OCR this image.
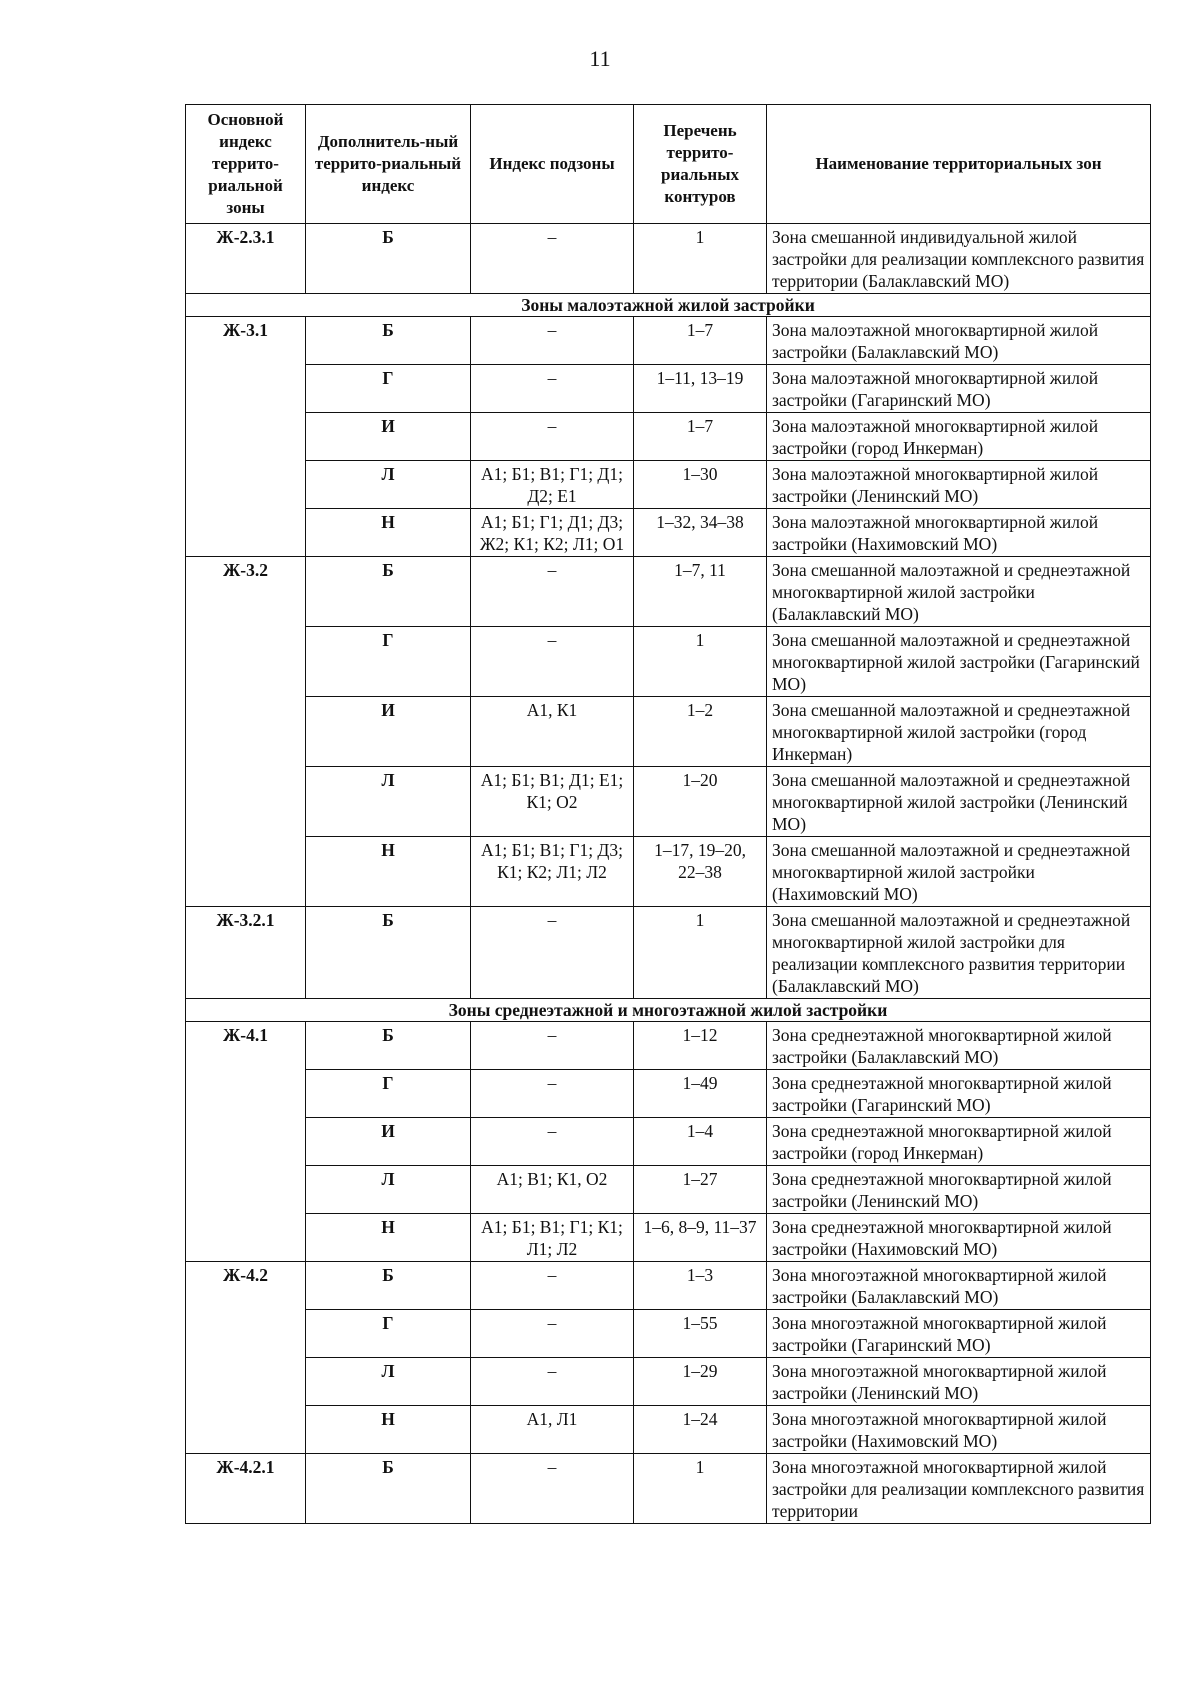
11
Основной индекс террито-риальной зоны	Дополнитель-ный террито-риальный индекс	Индекс подзоны	Перечень террито-риальных контуров	Наименование территориальных зон
Ж-2.3.1	Б	–	1	Зона смешанной индивидуальной жилой застройки для реализации комплексного развития территории (Балаклавский МО)
Зоны малоэтажной жилой застройки				
Ж-3.1	Б	–	1–7	Зона малоэтажной многоквартирной жилой застройки (Балаклавский МО)
	Г	–	1–11, 13–19	Зона малоэтажной многоквартирной жилой застройки (Гагаринский МО)
	И	–	1–7	Зона малоэтажной многоквартирной жилой застройки (город Инкерман)
	Л	А1; Б1; В1; Г1; Д1; Д2; Е1	1–30	Зона малоэтажной многоквартирной жилой застройки (Ленинский МО)
	Н	А1; Б1; Г1; Д1; Д3; Ж2; К1; К2; Л1; О1	1–32, 34–38	Зона малоэтажной многоквартирной жилой застройки (Нахимовский МО)
Ж-3.2	Б	–	1–7, 11	Зона смешанной малоэтажной и среднеэтажной многоквартирной жилой застройки (Балаклавский МО)
	Г	–	1	Зона смешанной малоэтажной и среднеэтажной многоквартирной жилой застройки (Гагаринский МО)
	И	А1, К1	1–2	Зона смешанной малоэтажной и среднеэтажной многоквартирной жилой застройки (город Инкерман)
	Л	А1; Б1; В1; Д1; Е1; К1; О2	1–20	Зона смешанной малоэтажной и среднеэтажной многоквартирной жилой застройки (Ленинский МО)
	Н	А1; Б1; В1; Г1; Д3; К1; К2; Л1; Л2	1–17, 19–20, 22–38	Зона смешанной малоэтажной и среднеэтажной многоквартирной жилой застройки (Нахимовский МО)
Ж-3.2.1	Б	–	1	Зона смешанной малоэтажной и среднеэтажной многоквартирной жилой застройки для реализации комплексного развития территории (Балаклавский МО)
Зоны среднеэтажной и многоэтажной жилой застройки				
Ж-4.1	Б	–	1–12	Зона среднеэтажной многоквартирной жилой застройки (Балаклавский МО)
	Г	–	1–49	Зона среднеэтажной многоквартирной жилой застройки (Гагаринский МО)
	И	–	1–4	Зона среднеэтажной многоквартирной жилой застройки (город Инкерман)
	Л	А1; В1; К1, О2	1–27	Зона среднеэтажной многоквартирной жилой застройки (Ленинский МО)
	Н	А1; Б1; В1; Г1; К1; Л1; Л2	1–6, 8–9, 11–37	Зона среднеэтажной многоквартирной жилой застройки (Нахимовский МО)
Ж-4.2	Б	–	1–3	Зона многоэтажной многоквартирной жилой застройки (Балаклавский МО)
	Г	–	1–55	Зона многоэтажной многоквартирной жилой застройки (Гагаринский МО)
	Л	–	1–29	Зона многоэтажной многоквартирной жилой застройки (Ленинский МО)
	Н	А1, Л1	1–24	Зона многоэтажной многоквартирной жилой застройки (Нахимовский МО)
Ж-4.2.1	Б	–	1	Зона многоэтажной многоквартирной жилой застройки для реализации комплексного развития территории
